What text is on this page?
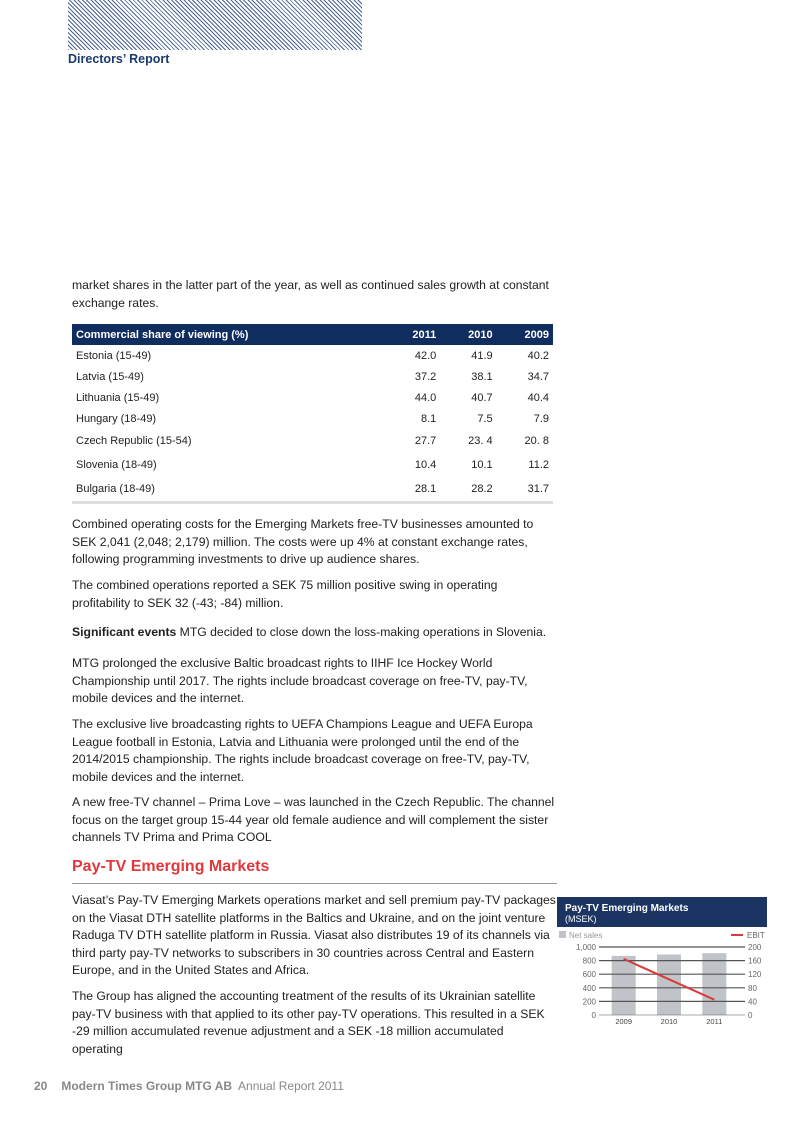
Directors’ Report

market shares in the latter part of the year, as well as continued sales growth at constant exchange rates.

Commercial share of viewing (%)	2011	2010	2009
Estonia (15-49)	42.0	41.9	40.2
Latvia (15-49)	37.2	38.1	34.7
Lithuania (15-49)	44.0	40.7	40.4
Hungary (18-49)	8.1	7.5	7.9
Czech Republic (15-54)	27.7	23. 4	20. 8
Slovenia (18-49)	10.4	10.1	11.2
Bulgaria (18-49)	28.1	28.2	31.7

Combined operating costs for the Emerging Markets free-TV businesses amounted to SEK 2,041 (2,048; 2,179) million. The costs were up 4% at constant exchange rates, following programming investments to drive up audience shares.

The combined operations reported a SEK 75 million positive swing in operating profitability to SEK 32 (-43; -84) million.

Significant events MTG decided to close down the loss-making operations in Slovenia.

MTG prolonged the exclusive Baltic broadcast rights to IIHF Ice Hockey World Championship until 2017. The rights include broadcast coverage on free-TV, pay-TV, mobile devices and the internet.

The exclusive live broadcasting rights to UEFA Champions League and UEFA Europa League football in Estonia, Latvia and Lithuania were prolonged until the end of the 2014/2015 championship. The rights include broadcast coverage on free-TV, pay-TV, mobile devices and the internet.

A new free-TV channel – Prima Love – was launched in the Czech Republic. The channel focus on the target group 15-44 year old female audience and will complement the sister channels TV Prima and Prima COOL

Pay-TV Emerging Markets

Viasat’s Pay-TV Emerging Markets operations market and sell premium pay-TV packages on the Viasat DTH satellite platforms in the Baltics and Ukraine, and on the joint venture Raduga TV DTH satellite platform in Russia. Viasat also distributes 19 of its channels via third party pay-TV networks to subscribers in 30 countries across Central and Eastern Europe, and in the United States and Africa.

The Group has aligned the accounting treatment of the results of its Ukrainian satellite pay-TV business with that applied to its other pay-TV operations. This resulted in a SEK -29 million accumulated revenue adjustment and a SEK -18 million accumulated operating

Pay-TV Emerging Markets
(MSEK)
Net sales	EBIT
0	0
200	40
400	80
600	120
800	160
1,000	200
2009	2010	2011
20 Modern Times Group MTG AB Annual Report 2011
